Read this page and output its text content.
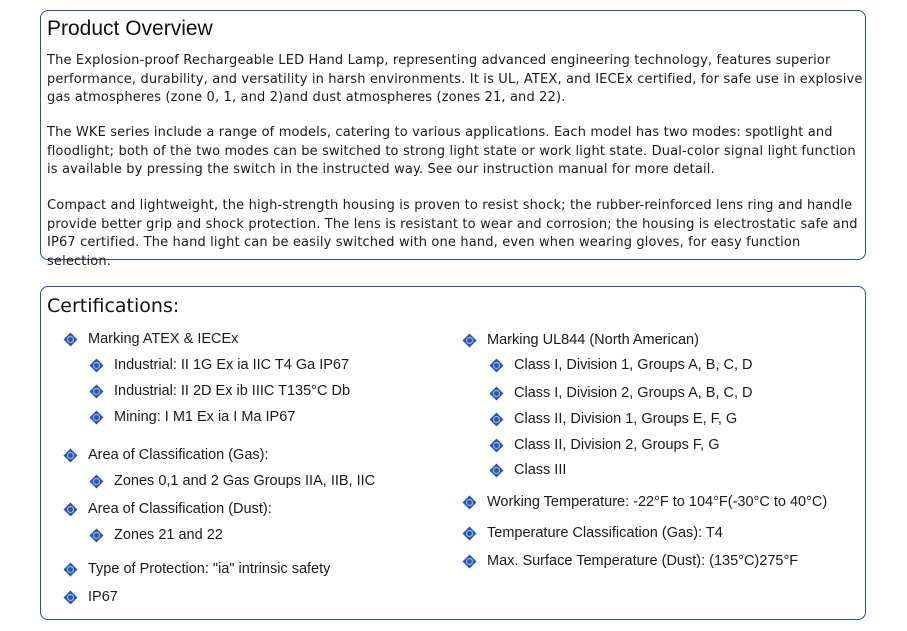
Product Overview

The Explosion-proof Rechargeable LED Hand Lamp, representing advanced engineering technology, features superior performance, durability, and versatility in harsh environments. It is UL, ATEX, and IECEx certified, for safe use in explosive gas atmospheres (zone 0, 1, and 2)and dust atmospheres (zones 21, and 22).

The WKE series include a range of models, catering to various applications. Each model has two modes: spotlight and floodlight; both of the two modes can be switched to strong light state or work light state. Dual-color signal light function is available by pressing the switch in the instructed way. See our instruction manual for more detail.

Compact and lightweight, the high-strength housing is proven to resist shock; the rubber-reinforced lens ring and handle provide better grip and shock protection. The lens is resistant to wear and corrosion; the housing is electrostatic safe and IP67 certified. The hand light can be easily switched with one hand, even when wearing gloves, for easy function selection.

Certifications:
Marking ATEX & IECEx
Industrial: II 1G Ex ia IIC T4 Ga IP67
Industrial: II 2D Ex ib IIIC T135°C Db
Mining: I M1 Ex ia I Ma IP67
Area of Classification (Gas):
Zones 0,1 and 2 Gas Groups IIA, IIB, IIC
Area of Classification (Dust):
Zones 21 and 22
Type of Protection: "ia" intrinsic safety
IP67
Marking UL844 (North American)
Class I, Division 1, Groups A, B, C, D
Class I, Division 2, Groups A, B, C, D
Class II, Division 1, Groups E, F, G
Class II, Division 2, Groups F, G
Class III
Working Temperature: -22°F to 104°F(-30°C to 40°C)
Temperature Classification (Gas): T4
Max. Surface Temperature (Dust): (135°C)275°F
